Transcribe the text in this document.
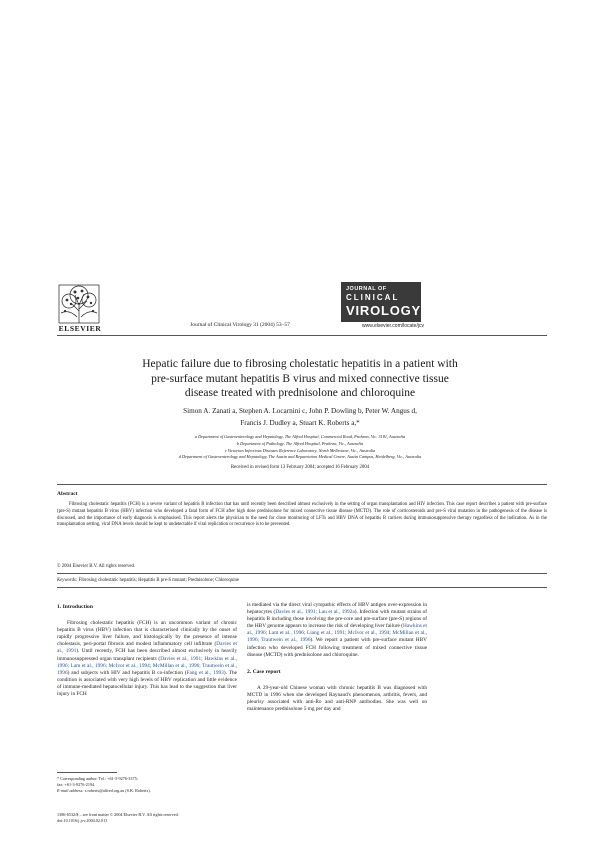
ELSEVIER	Journal of Clinical Virology 31 (2004) 53–57
JOURNAL OF
CLINICAL
VIROLOGY
www.elsevier.com/locate/jcv
Hepatic failure due to fibrosing cholestatic hepatitis in a patient with
pre-surface mutant hepatitis B virus and mixed connective tissue
disease treated with prednisolone and chloroquine
Simon A. Zanati a, Stephen A. Locarnini c, John P. Dowling b, Peter W. Angus d,
Francis J. Dudley a, Stuart K. Roberts a,*
a Department of Gastroenterology and Hepatology, The Alfred Hospital, Commercial Road, Prahran, Vic. 3181, Australia
b Department of Pathology, The Alfred Hospital, Prahran, Vic., Australia
c Victorian Infectious Diseases Reference Laboratory, North Melbourne, Vic., Australia
d Department of Gastroenterology and Hepatology, The Austin and Repatriation Medical Centre, Austin Campus, Heidelberg, Vic., Australia
Received in revised form 13 February 2004; accepted 16 February 2004
Abstract
Fibrosing cholestatic hepatitis (FCH) is a severe variant of hepatitis B infection that has until recently been described almost exclusively in the setting of organ transplantation and HIV infection. This case report describes a patient with pre-surface (pre-S) mutant hepatitis B virus (HBV) infection who developed a fatal form of FCH after high dose prednisolone for mixed connective tissue disease (MCTD). The role of corticosteroids and pre-S viral mutation in the pathogenesis of the disease is discussed, and the importance of early diagnosis is emphasised. This report alerts the physician to the need for close monitoring of LFTs and HBV DNA of hepatitis B carriers during immunosuppressive therapy regardless of the indication. As in the transplantation setting, viral DNA levels should be kept to undetectable if viral replication or recurrence is to be prevented.
© 2004 Elsevier B.V. All rights reserved.
Keywords: Fibrosing cholestatic hepatitis; Hepatitis B pre-S mutant; Prednisolone; Chloroquine
1. Introduction

Fibrosing cholestatic hepatitis (FCH) is an uncommon variant of chronic hepatitis B virus (HBV) infection that is characterised clinically by the onset of rapidly progressive liver failure, and histologically by the presence of intense cholestasis, peri-portal fibrosis and modest inflammatory cell infiltrate (Davies et al., 1991). Until recently, FCH has been described almost exclusively in heavily immunosuppressed organ transplant recipients (Davies et al., 1991; Hawkins et al., 1996; Lam et al., 1996; McIvor et al., 1994; McMillan et al., 1996; Trautwein et al., 1996) and subjects with HIV and hepatitis B co-infection (Fang et al., 1993). The condition is associated with very high levels of HBV replication and little evidence of immune-mediated hepatocellular injury. This has lead to the suggestion that liver injury in FCH

is mediated via the direct viral cytopathic effects of HBV antigen over-expression in hepatocytes (Davies et al., 1991; Lau et al., 1992a). Infection with mutant strains of hepatitis B including those involving the pre-core and pre-surface (pre-S) regions of the HBV genome appears to increase the risk of developing liver failure (Hawkins et al., 1996; Lam et al., 1996; Liang et al., 1991; McIvor et al., 1994; McMillan et al., 1996; Trautwein et al., 1996). We report a patient with pre-surface mutant HBV infection who developed FCH following treatment of mixed connective tissue disease (MCTD) with prednisolone and chloroquine.

2. Case report

A 29-year-old Chinese woman with chronic hepatitis B was diagnosed with MCTD in 1996 when she developed Raynaud's phenomenon, arthritis, fevers, and pleurisy associated with anti-Ro and anti-RNP antibodies. She was well on maintenance prednisolone 5 mg per day and

* Corresponding author. Tel.: +61-3-9276-3375;
fax: +61-3-9276-2194.
E-mail address: s.roberts@alfred.org.au (S.K. Roberts).
1386-6532/$ – see front matter © 2004 Elsevier B.V. All rights reserved.
doi:10.1016/j.jcv.2004.02.013
